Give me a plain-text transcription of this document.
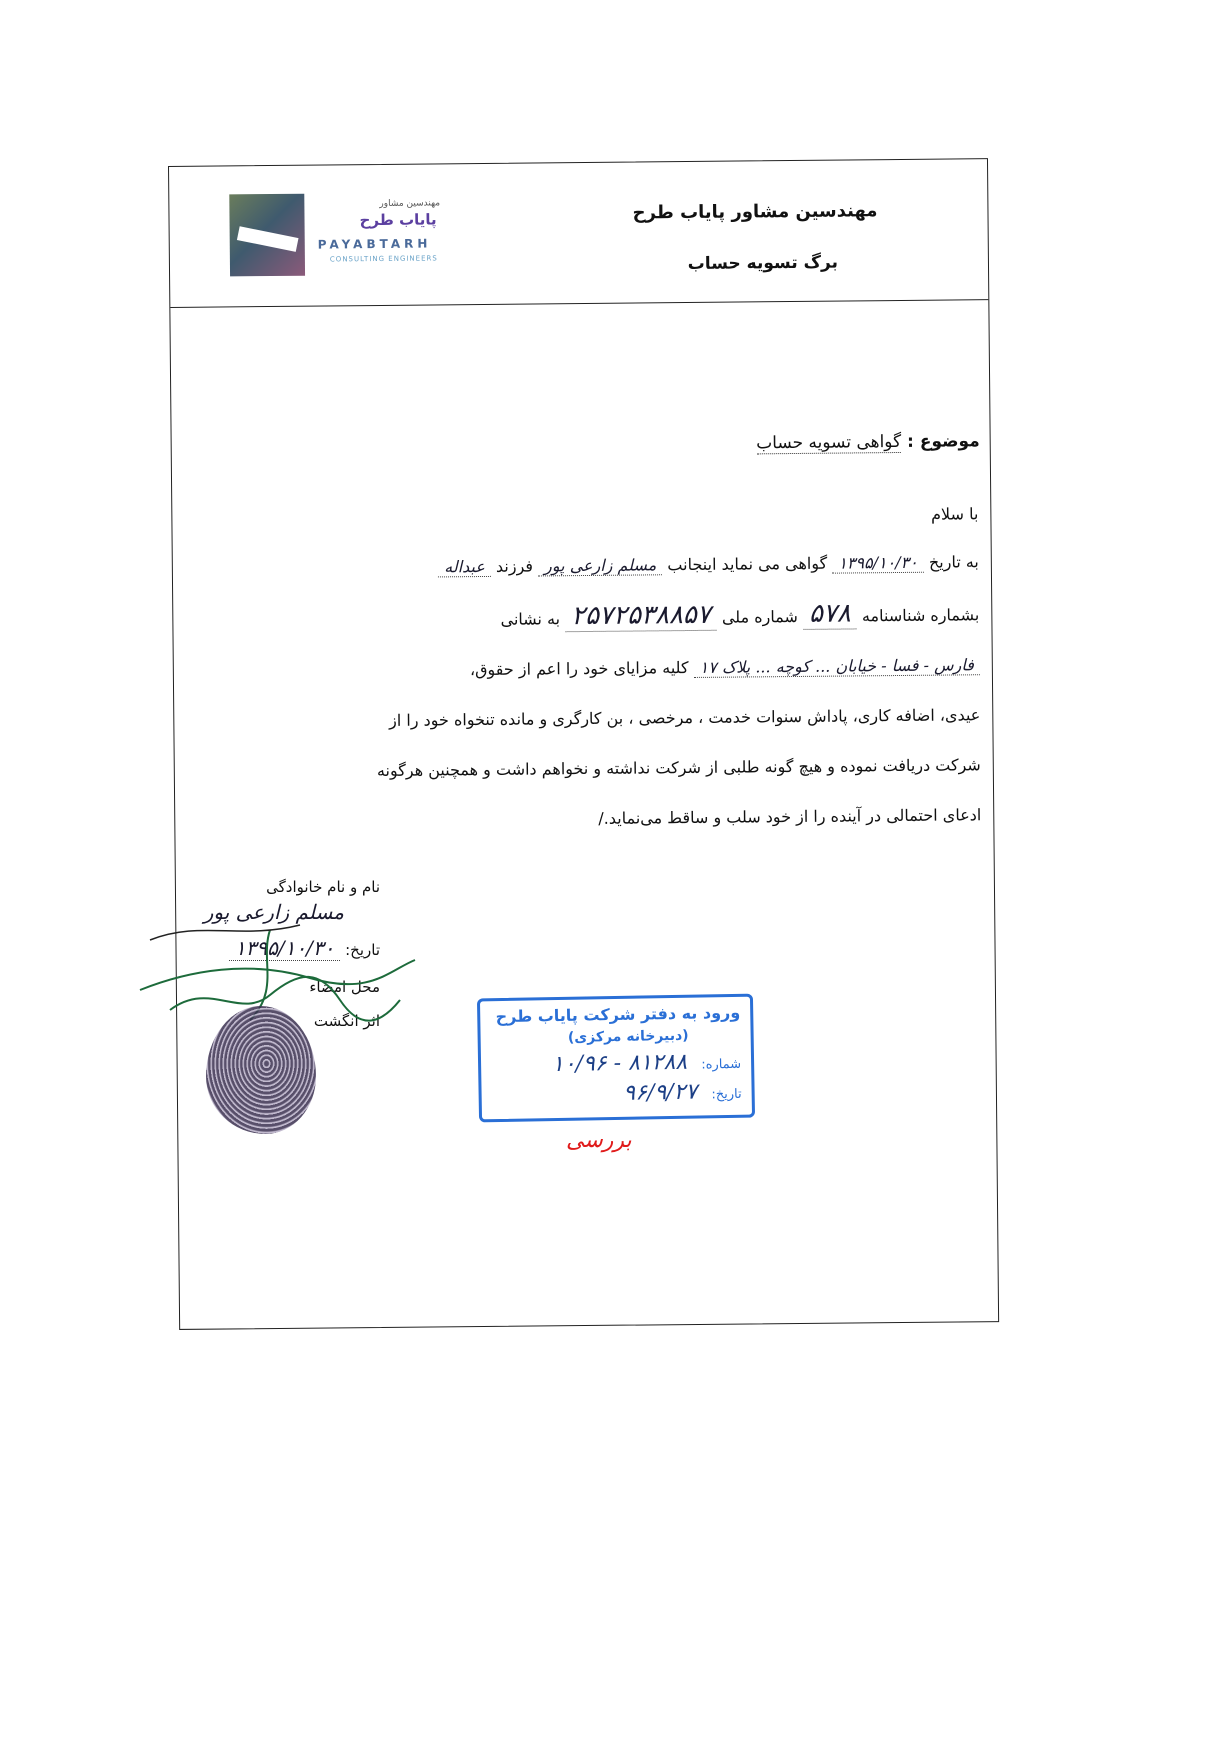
مهندسین مشاور
پایاب طرح
PAYABTARH
CONSULTING ENGINEERS
مهندسین مشاور پایاب طرح
برگ تسویه حساب
موضوع : گواهی تسویه حساب
با سلام
به تاریخ ۱۳۹۵/۱۰/۳۰ گواهی می نماید اینجانب مسلم زارعی پور فرزند عبداله
بشماره شناسنامه ۵۷۸ شماره ملی ۲۵۷۲۵۳۸۸۵۷ به نشانی
فارس - فسا - خیابان ... کوچه ... پلاک ۱۷ کلیه مزایای خود را اعم از حقوق،
عیدی، اضافه کاری، پاداش سنوات خدمت ، مرخصی ، بن کارگری و مانده تنخواه خود را از
شرکت دریافت نموده و هیچ گونه طلبی از شرکت نداشته و نخواهم داشت و همچنین هرگونه
ادعای احتمالی در آینده را از خود سلب و ساقط می‌نماید./
نام و نام خانوادگی
مسلم زارعی پور
تاریخ: ۱۳۹۵/۱۰/۳۰
محل امضاء
اثر انگشت	ورود به دفتر شرکت پایاب طرح
(دبیرخانه مرکزی)
شماره: ۸۱۲۸۸ - ۱۰/۹۶
تاریخ: ۹۶/۹/۲۷
بررسی
